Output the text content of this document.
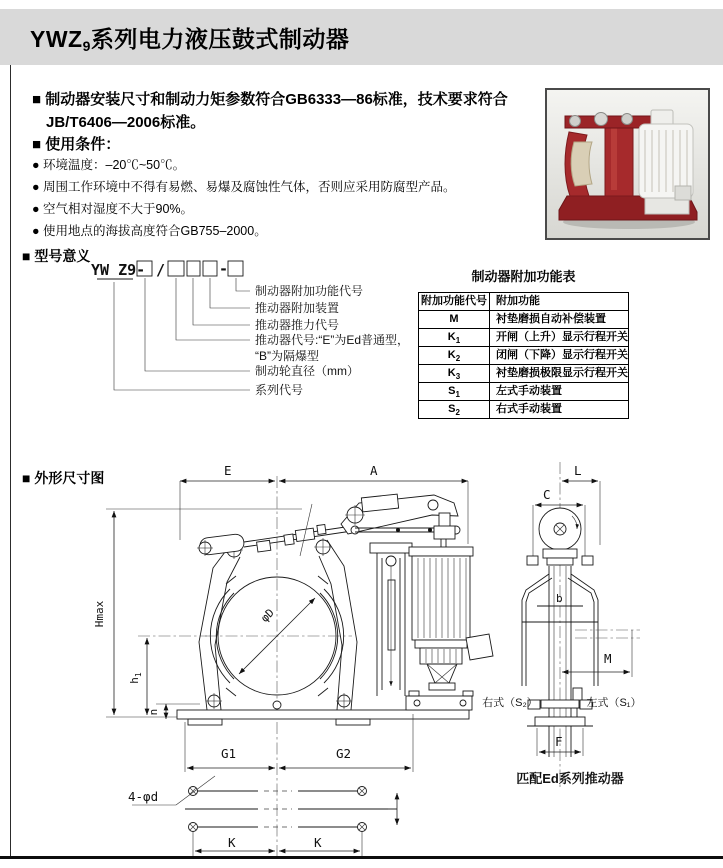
$YWZ_9$系列电力液压鼓式制动器
■ 制动器安装尺寸和制动力矩参数符合GB6333—86标准，技术要求符合
JB/T6406—2006标准。
■ 使用条件：
● 环境温度：–20℃~50℃。
● 周围工作环境中不得有易燃、易爆及腐蚀性气体，否则应采用防腐型产品。
● 空气相对湿度不大于90%。
● 使用地点的海拔高度符合GB755–2000。
■ 型号意义
YW Z9- /	-
制动器附加功能代号
推动器附加装置
推动器推力代号
推动器代号:“E”为Ed普通型，
“B”为隔爆型
制动轮直径（mm）
系列代号
制动器附加功能表
附加功能代号 附加功能
M	衬垫磨损自动补偿装置
$K_1$	开闸（上升）显示行程开关
$K_2$	闭闸（下降）显示行程开关
$K_3$	衬垫磨损极限显示行程开关
$S_1$	左式手动装置
$S_2$	右式手动装置
■ 外形尺寸图	E	A
Hmax
$h_1$
n
φD
G1	G2
L
C
b
M
右式（S₂）	左式（S₁）
F
匹配Ed系列推动器
4-φd
K	K
